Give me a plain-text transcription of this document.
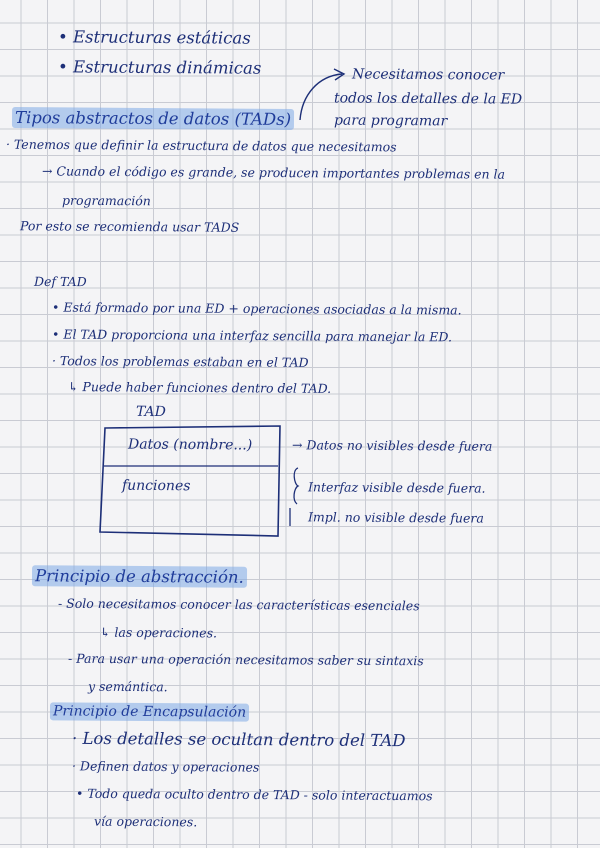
• Estructuras estáticas
• Estructuras dinámicas	Necesitamos conocer
todos los detalles de la ED
para programar
Tipos abstractos de datos (TADs)
· Tenemos que definir la estructura de datos que necesitamos
→ Cuando el código es grande, se producen importantes problemas en la
programación
Por esto se recomienda usar TADS
Def TAD
• Está formado por una ED + operaciones asociadas a la misma.
• El TAD proporciona una interfaz sencilla para manejar la ED.
· Todos los problemas estaban en el TAD
↳ Puede haber funciones dentro del TAD.
TAD
Datos (nombre...)
funciones
→ Datos no visibles desde fuera
Interfaz visible desde fuera.
Impl. no visible desde fuera
Principio de abstracción.
- Solo necesitamos conocer las características esenciales
↳ las operaciones.
- Para usar una operación necesitamos saber su sintaxis
y semántica.
Principio de Encapsulación
· Los detalles se ocultan dentro del TAD
· Definen datos y operaciones
• Todo queda oculto dentro de TAD - solo interactuamos
vía operaciones.
